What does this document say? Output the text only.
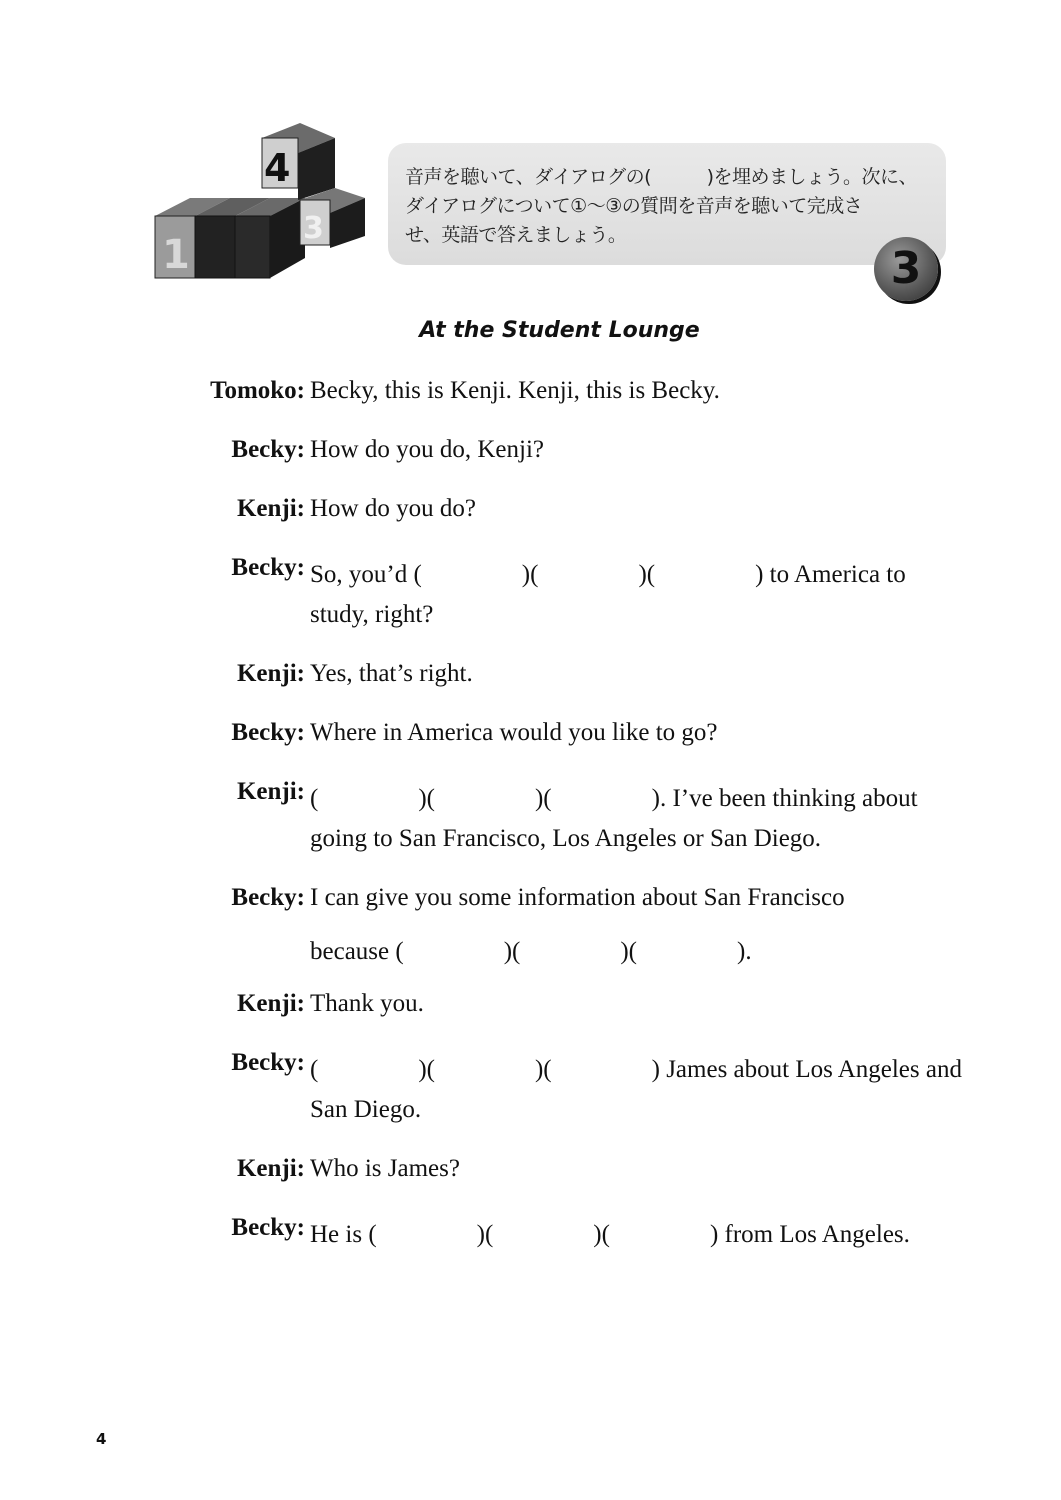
1
4
3
音声を聴いて、ダイアログの(　　　)を埋めましょう。次に、
ダイアログについて①～③の質問を音声を聴いて完成さ
せ、英語で答えましょう。
3
At the Student Lounge
Tomoko: Becky, this is Kenji. Kenji, this is Becky.
Becky: How do you do, Kenji?
Kenji: How do you do?
Becky: So, you’d (　　　　)(　　　　)(　　　　) to America to
study, right?
Kenji: Yes, that’s right.
Becky: Where in America would you like to go?
Kenji: (　　　　)(　　　　)(　　　　). I’ve been thinking about
going to San Francisco, Los Angeles or San Diego.
Becky: I can give you some information about San Francisco
because (　　　　)(　　　　)(　　　　).
Kenji: Thank you.
Becky: (　　　　)(　　　　)(　　　　) James about Los Angeles and
San Diego.
Kenji: Who is James?
Becky: He is (　　　　)(　　　　)(　　　　) from Los Angeles.
4
